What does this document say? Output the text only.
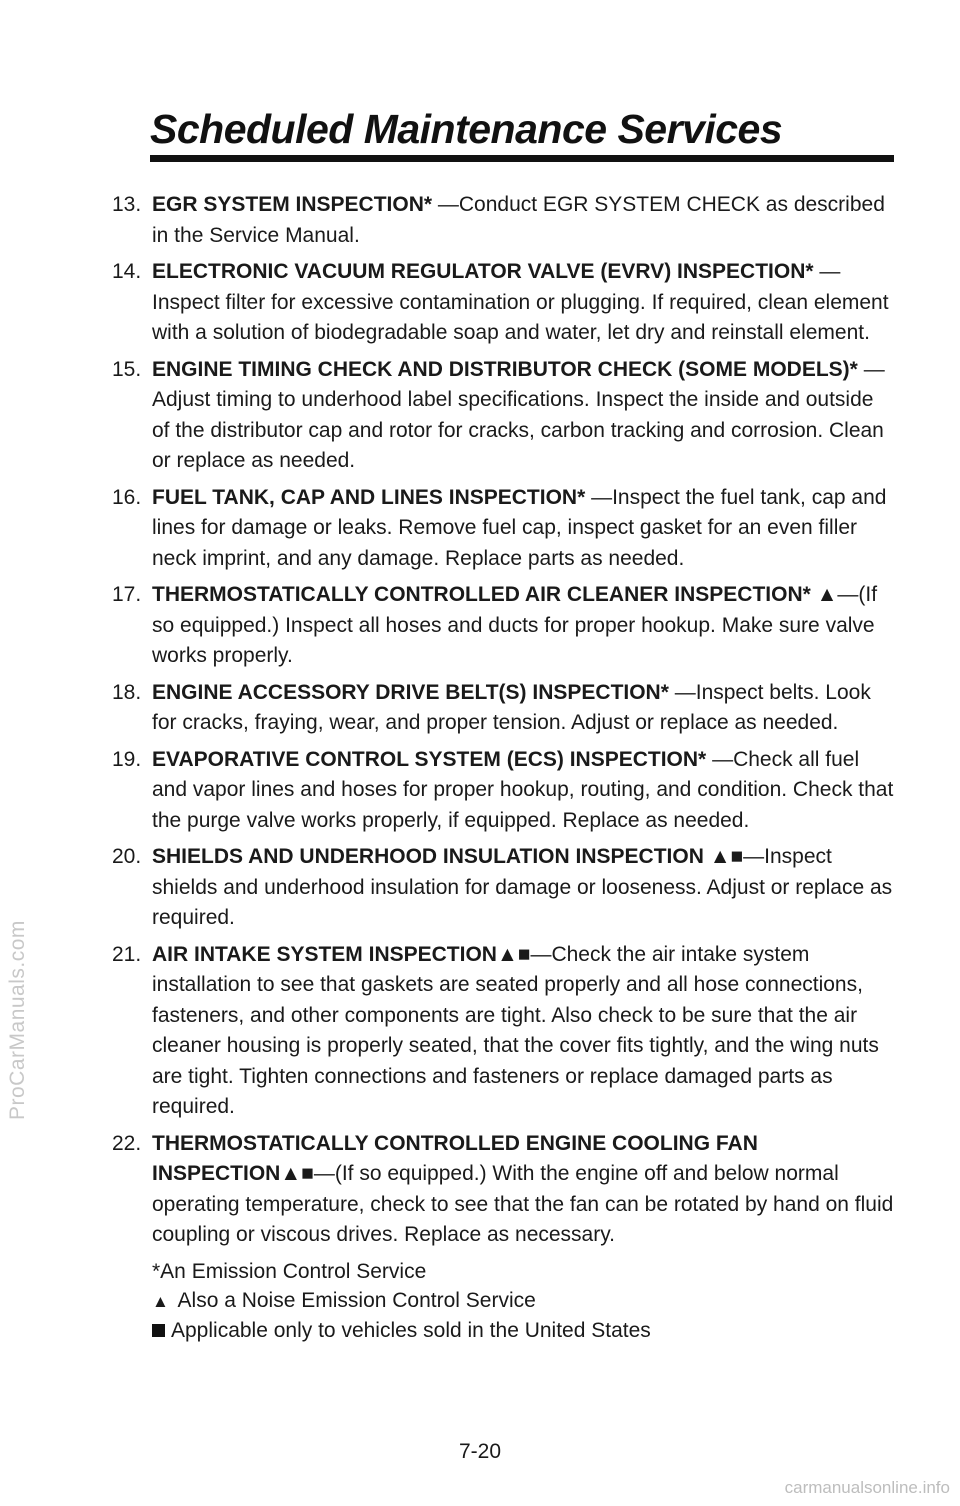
ProCarManuals.com
Scheduled Maintenance Services
13. EGR SYSTEM INSPECTION* —Conduct EGR SYSTEM CHECK as described in the Service Manual.
14. ELECTRONIC VACUUM REGULATOR VALVE (EVRV) INSPECTION* —Inspect filter for excessive contamination or plugging. If required, clean element with a solution of biodegradable soap and water, let dry and reinstall element.
15. ENGINE TIMING CHECK AND DISTRIBUTOR CHECK (SOME MODELS)* —Adjust timing to underhood label specifications. Inspect the inside and outside of the distributor cap and rotor for cracks, carbon tracking and corrosion. Clean or replace as needed.
16. FUEL TANK, CAP AND LINES INSPECTION* —Inspect the fuel tank, cap and lines for damage or leaks. Remove fuel cap, inspect gasket for an even filler neck imprint, and any damage. Replace parts as needed.
17. THERMOSTATICALLY CONTROLLED AIR CLEANER INSPECTION* ▲—(If so equipped.) Inspect all hoses and ducts for proper hookup. Make sure valve works properly.
18. ENGINE ACCESSORY DRIVE BELT(S) INSPECTION* —Inspect belts. Look for cracks, fraying, wear, and proper tension. Adjust or replace as needed.
19. EVAPORATIVE CONTROL SYSTEM (ECS) INSPECTION* —Check all fuel and vapor lines and hoses for proper hookup, routing, and condition. Check that the purge valve works properly, if equipped. Replace as needed.
20. SHIELDS AND UNDERHOOD INSULATION INSPECTION ▲■—Inspect shields and underhood insulation for damage or looseness. Adjust or replace as required.
21. AIR INTAKE SYSTEM INSPECTION▲■—Check the air intake system installation to see that gaskets are seated properly and all hose connections, fasteners, and other components are tight. Also check to be sure that the air cleaner housing is properly seated, that the cover fits tightly, and the wing nuts are tight. Tighten connections and fasteners or replace damaged parts as required.
22. THERMOSTATICALLY CONTROLLED ENGINE COOLING FAN INSPECTION▲■—(If so equipped.) With the engine off and below normal operating temperature, check to see that the fan can be rotated by hand on fluid coupling or viscous drives. Replace as necessary.
*An Emission Control Service
▲ Also a Noise Emission Control Service
Applicable only to vehicles sold in the United States
7-20
carmanualsonline.info
